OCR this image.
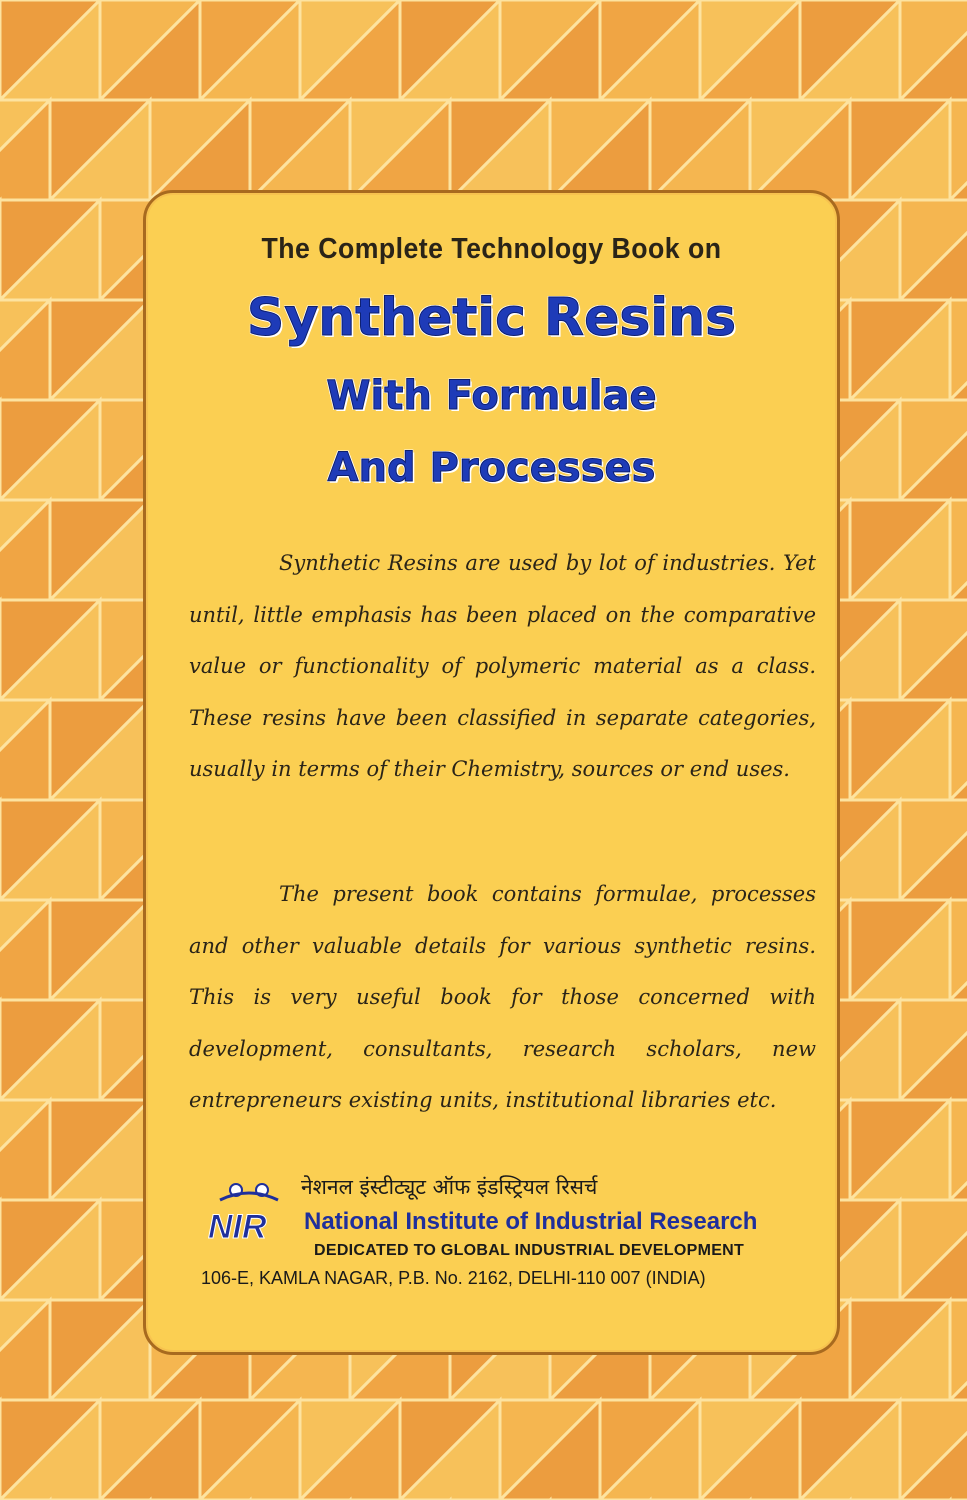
The Complete Technology Book on
Synthetic Resins
With Formulae
And Processes

Synthetic Resins are used by lot of industries. Yet until, little emphasis has been placed on the comparative value or functionality of polymeric material as a class. These resins have been classified in separate categories, usually in terms of their Chemistry, sources or end uses.

The present book contains formulae, processes and other valuable details for various synthetic resins. This is very useful book for those concerned with development, consultants, research scholars, new entrepreneurs existing units, institutional libraries etc.

NIR
नेशनल इंस्टीट्यूट ऑफ इंडस्ट्रियल रिसर्च
National Institute of Industrial Research
DEDICATED TO GLOBAL INDUSTRIAL DEVELOPMENT
106-E, KAMLA NAGAR, P.B. No. 2162, DELHI-110 007 (INDIA)
